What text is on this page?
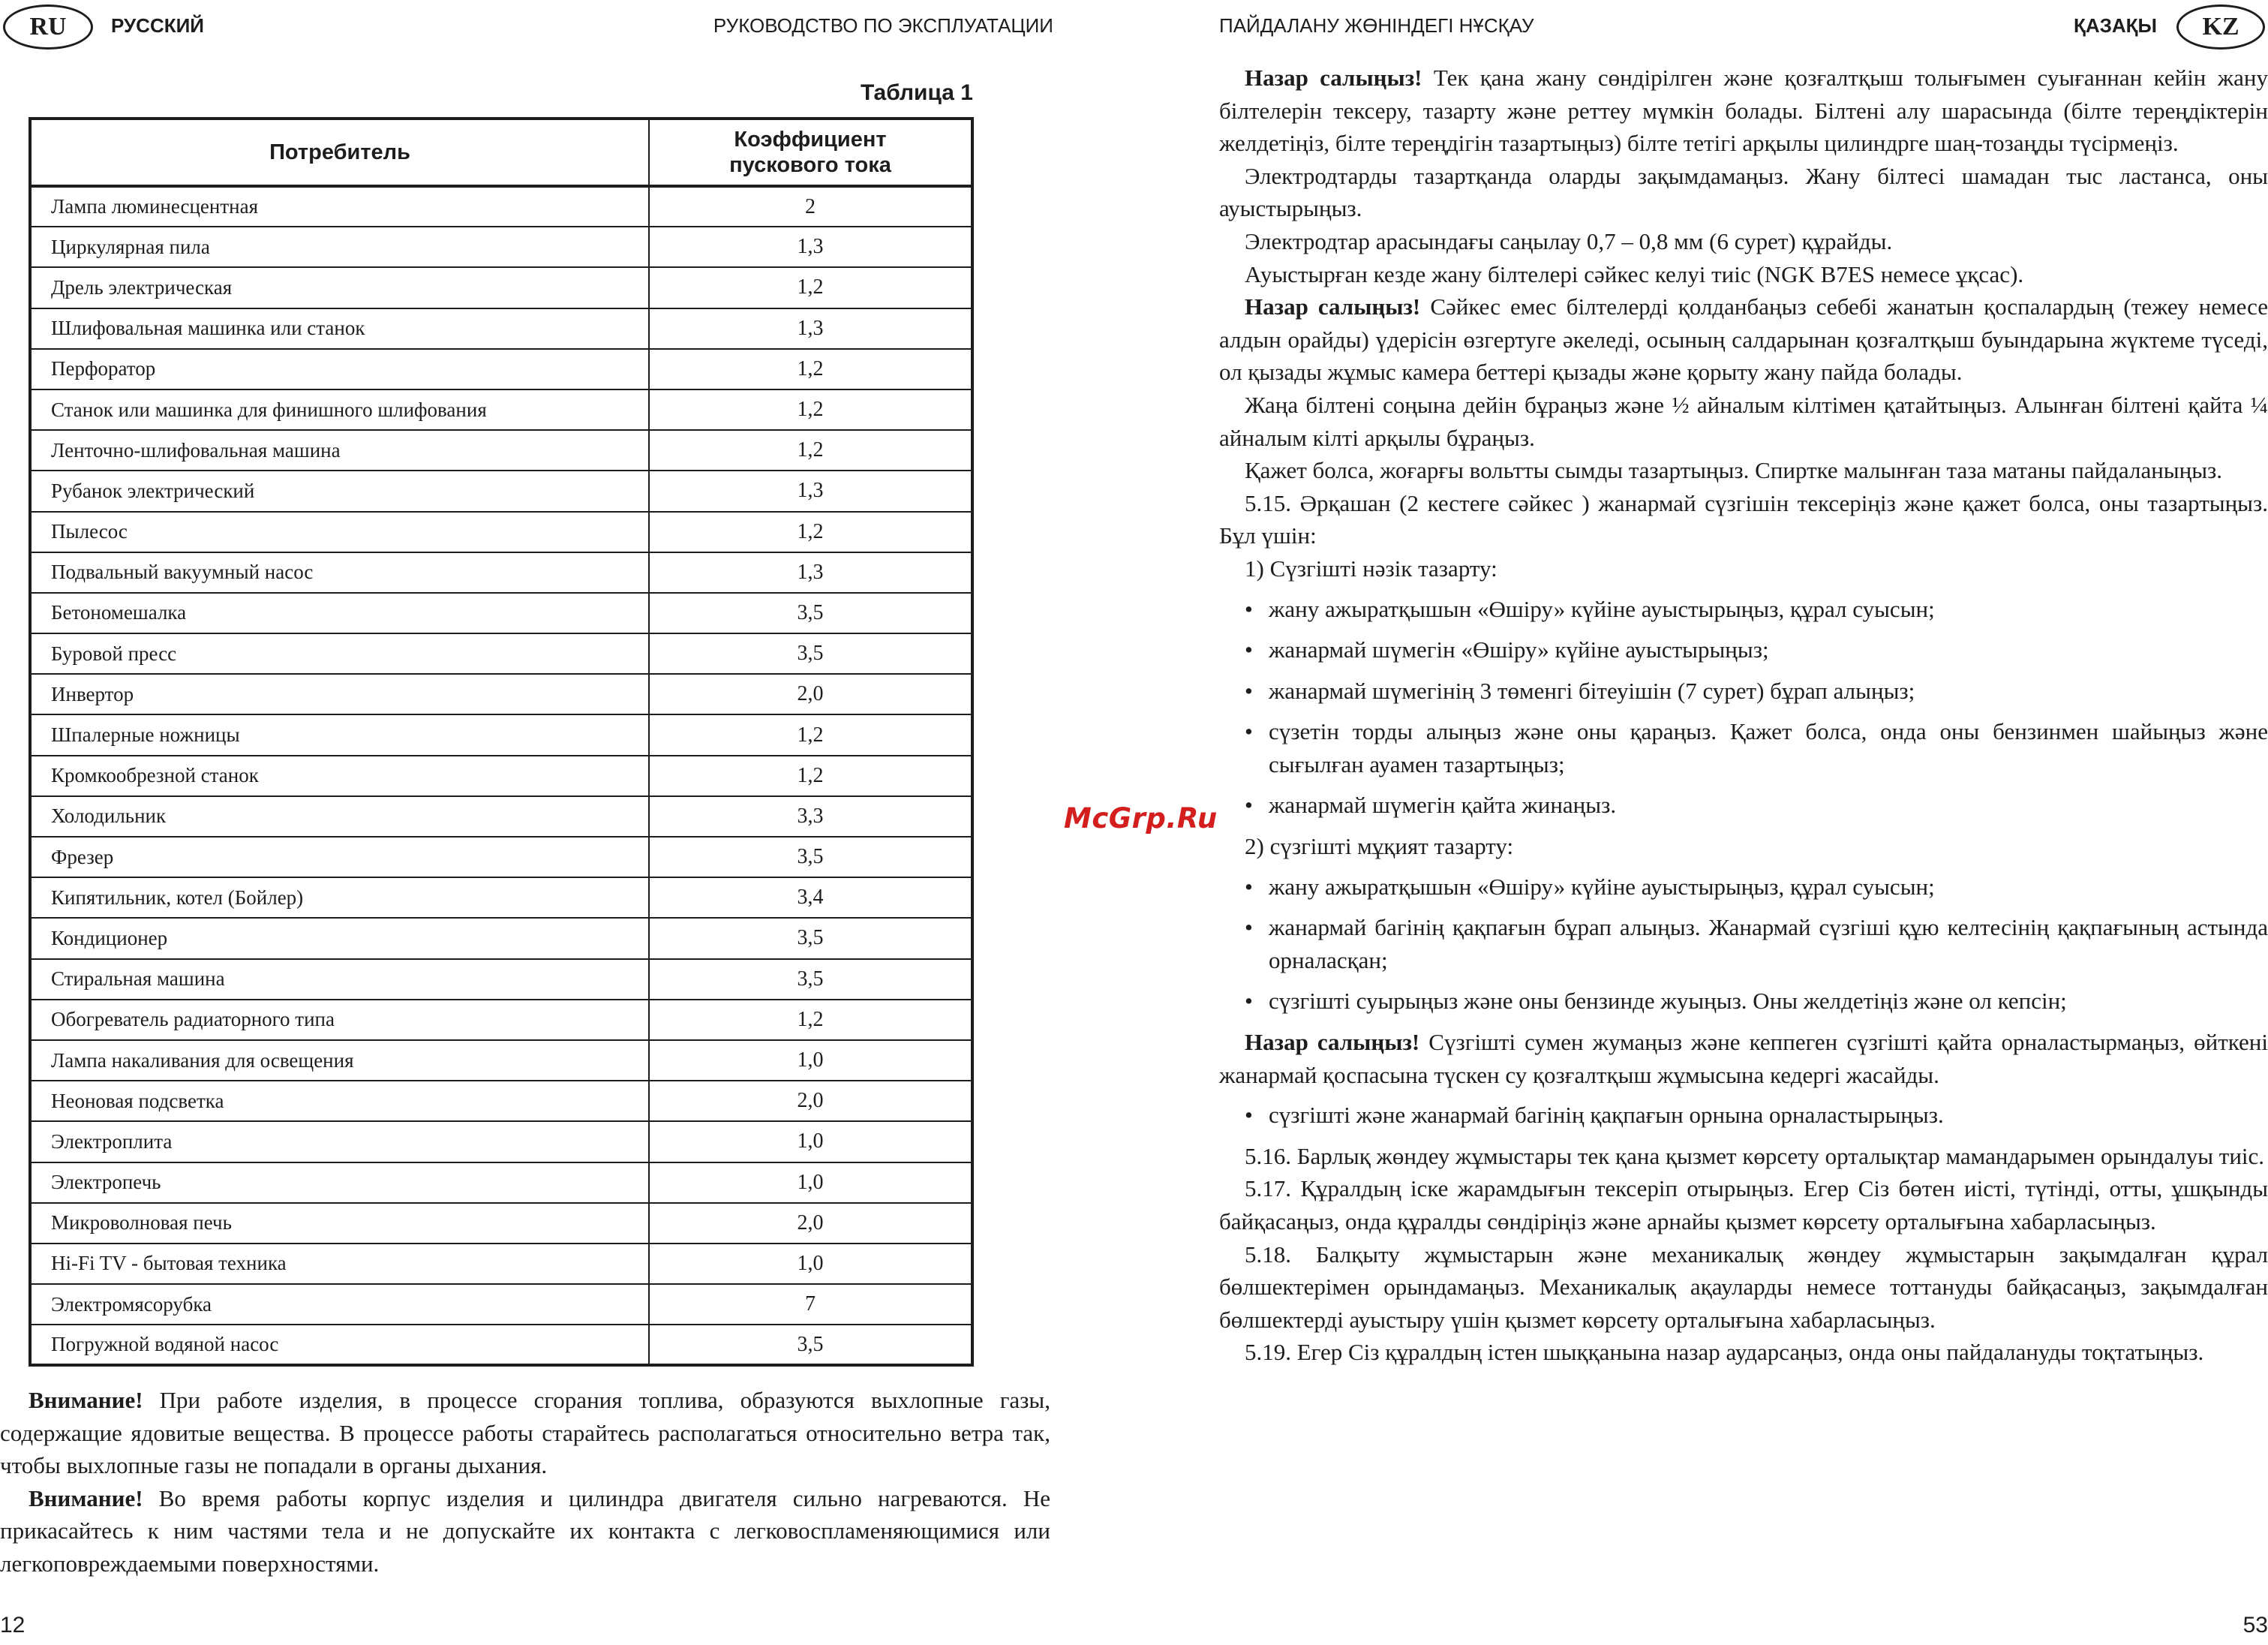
RU	РУССКИЙ	РУКОВОДСТВО ПО ЭКСПЛУАТАЦИИ
Таблица 1
Потребитель	Коэффициент
пускового тока
Лампа люминесцентная	2
Циркулярная пила	1,3
Дрель электрическая	1,2
Шлифовальная машинка или станок	1,3
Перфоратор	1,2
Станок или машинка для финишного шлифования	1,2
Ленточно-шлифовальная машина	1,2
Рубанок электрический	1,3
Пылесос	1,2
Подвальный вакуумный насос	1,3
Бетономешалка	3,5
Буровой пресс	3,5
Инвертор	2,0
Шпалерные ножницы	1,2
Кромкообрезной станок	1,2
Холодильник	3,3
Фрезер	3,5
Кипятильник, котел (Бойлер)	3,4
Кондиционер	3,5
Стиральная машина	3,5
Обогреватель радиаторного типа	1,2
Лампа накаливания для освещения	1,0
Неоновая подсветка	2,0
Электроплита	1,0
Электропечь	1,0
Микроволновая печь	2,0
Hi-Fi TV - бытовая техника	1,0
Электромясорубка	7
Погружной водяной насос	3,5

Внимание! При работе изделия, в процессе сгорания топлива, образуются выхлопные газы, содержащие ядовитые вещества. В процессе работы старайтесь располагаться относительно ветра так, чтобы выхлопные газы не попадали в органы дыхания.

Внимание! Во время работы корпус изделия и цилиндра двигателя сильно нагреваются. Не прикасайтесь к ним частями тела и не допускайте их контакта с легковоспламеняющимися или легкоповреждаемыми поверхностями.

12
McGrp.Ru
ПАЙДАЛАНУ ЖӨНІНДЕГІ НҰСҚАУ	ҚАЗАҚЫ	KZ

Назар салыңыз! Тек қана жану сөндірілген және қозғалтқыш толығымен суығаннан кейін жану білтелерін тексеру, тазарту және реттеу мүмкін болады. Білтені алу шарасында (білте тереңдіктерін желдетіңіз, білте тереңдігін тазартыңыз) білте тетігі арқылы цилиндрге шаң-тозаңды түсірмеңіз.

Электродтарды тазартқанда оларды зақымдамаңыз. Жану білтесі шамадан тыс ластанса, оны ауыстырыңыз.

Электродтар арасындағы саңылау 0,7 – 0,8 мм (6 сурет) құрайды.

Ауыстырған кезде жану білтелері сәйкес келуі тиіс (NGK B7ES немесе ұқсас).

Назар салыңыз! Сәйкес емес білтелерді қолданбаңыз себебі жанатын қоспалардың (тежеу немесе алдын орайды) үдерісін өзгертуге әкеледі, осының салдарынан қозғалтқыш буындарына жүктеме түседі, ол қызады жұмыс камера беттері қызады және қорыту жану пайда болады.

Жаңа білтені соңына дейін бұраңыз және ½ айналым кілтімен қатайтыңыз. Алынған білтені қайта ¼ айналым кілті арқылы бұраңыз.

Қажет болса, жоғарғы вольтты сымды тазартыңыз. Спиртке малынған таза матаны пайдаланыңыз.

5.15. Әрқашан (2 кестеге сәйкес ) жанармай сүзгішін тексеріңіз және қажет болса, оны тазартыңыз. Бұл үшін:

1) Сүзгішті нәзік тазарту:

• жану ажыратқышын «Өшіру» күйіне ауыстырыңыз, құрал суысын;
• жанармай шүмегін «Өшіру» күйіне ауыстырыңыз;
• жанармай шүмегінің 3 төменгі бітеуішін (7 сурет) бұрап алыңыз;
• сүзетін торды алыңыз және оны қараңыз. Қажет болса, онда оны бензинмен шайыңыз және сығылған ауамен тазартыңыз;
• жанармай шүмегін қайта жинаңыз.

2) сүзгішті мұқият тазарту:

• жану ажыратқышын «Өшіру» күйіне ауыстырыңыз, құрал суысын;
• жанармай багінің қақпағын бұрап алыңыз. Жанармай сүзгіші құю келтесінің қақпағының астында орналасқан;
• сүзгішті суырыңыз және оны бензинде жуыңыз. Оны желдетіңіз және ол кепсін;

Назар салыңыз! Сүзгішті сумен жумаңыз және кеппеген сүзгішті қайта орналастырмаңыз, өйткені жанармай қоспасына түскен су қозғалтқыш жұмысына кедергі жасайды.

• сүзгішті және жанармай багінің қақпағын орнына орналастырыңыз.

5.16. Барлық жөндеу жұмыстары тек қана қызмет көрсету орталықтар мамандарымен орындалуы тиіс.

5.17. Құралдың іске жарамдығын тексеріп отырыңыз. Егер Сіз бөтен иісті, түтінді, отты, ұшқынды байқасаңыз, онда құралды сөндіріңіз және арнайы қызмет көрсету орталығына хабарласыңыз.

5.18. Балқыту жұмыстарын және механикалық жөндеу жұмыстарын зақымдалған құрал бөлшектерімен орындамаңыз. Механикалық ақауларды немесе тоттануды байқасаңыз, зақымдалған бөлшектерді ауыстыру үшін қызмет көрсету орталығына хабарласыңыз.

5.19. Егер Сіз құралдың істен шыққанына назар аударсаңыз, онда оны пайдалануды тоқтатыңыз.

53
